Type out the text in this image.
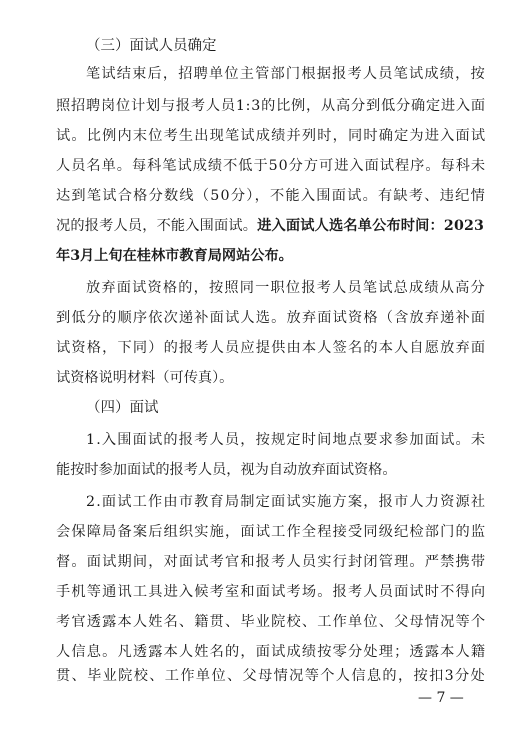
（三）面试人员确定
笔试结束后，招聘单位主管部门根据报考人员笔试成绩，按
照招聘岗位计划与报考人员1:3的比例，从高分到低分确定进入面
试。比例内末位考生出现笔试成绩并列时，同时确定为进入面试
人员名单。每科笔试成绩不低于50分方可进入面试程序。每科未
达到笔试合格分数线（50分），不能入围面试。有缺考、违纪情
况的报考人员，不能入围面试。进入面试人选名单公布时间：2023
年3月上旬在桂林市教育局网站公布。
放弃面试资格的，按照同一职位报考人员笔试总成绩从高分
到低分的顺序依次递补面试人选。放弃面试资格（含放弃递补面
试资格，下同）的报考人员应提供由本人签名的本人自愿放弃面
试资格说明材料（可传真）。
（四）面试
1.入围面试的报考人员，按规定时间地点要求参加面试。未
能按时参加面试的报考人员，视为自动放弃面试资格。
2.面试工作由市教育局制定面试实施方案，报市人力资源社
会保障局备案后组织实施，面试工作全程接受同级纪检部门的监
督。面试期间，对面试考官和报考人员实行封闭管理。严禁携带
手机等通讯工具进入候考室和面试考场。报考人员面试时不得向
考官透露本人姓名、籍贯、毕业院校、工作单位、父母情况等个
人信息。凡透露本人姓名的，面试成绩按零分处理；透露本人籍
贯、毕业院校、工作单位、父母情况等个人信息的，按扣3分处
— 7 —
